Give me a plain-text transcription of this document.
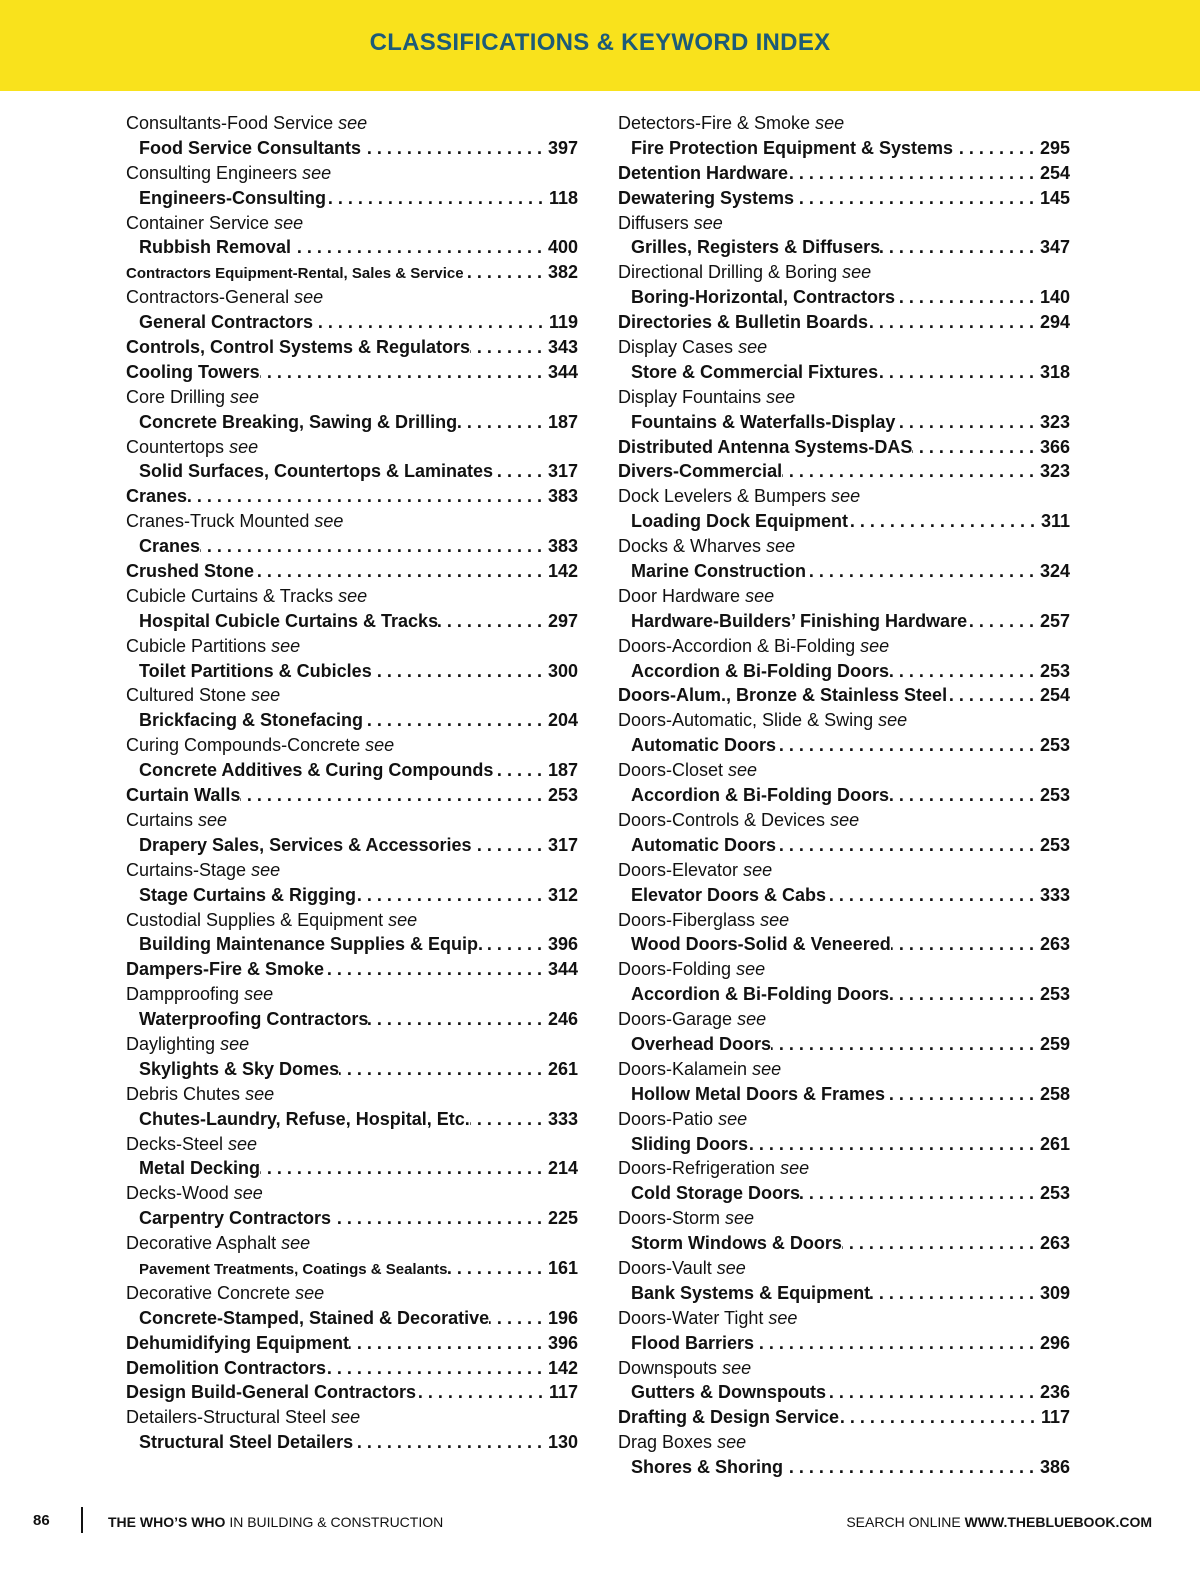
CLASSIFICATIONS & KEYWORD INDEX
Consultants-Food Service see
Food Service Consultants . . .	397
Consulting Engineers see
Engineers-Consulting . . .	118
Container Service see
Rubbish Removal . . .	400
Contractors Equipment-Rental, Sales & Service . . .	382
Contractors-General see
General Contractors . . .	119
Controls, Control Systems & Regulators . . .	343
Cooling Towers . . .	344
Core Drilling see
Concrete Breaking, Sawing & Drilling . . .	187
Countertops see
Solid Surfaces, Countertops & Laminates . . .	317
Cranes . . .	383
Cranes-Truck Mounted see
Cranes . . .	383
Crushed Stone . . .	142
Cubicle Curtains & Tracks see
Hospital Cubicle Curtains & Tracks . . .	297
Cubicle Partitions see
Toilet Partitions & Cubicles . . .	300
Cultured Stone see
Brickfacing & Stonefacing . . .	204
Curing Compounds-Concrete see
Concrete Additives & Curing Compounds . . .	187
Curtain Walls . . .	253
Curtains see
Drapery Sales, Services & Accessories . . .	317
Curtains-Stage see
Stage Curtains & Rigging . . .	312
Custodial Supplies & Equipment see
Building Maintenance Supplies & Equip. . . .	396
Dampers-Fire & Smoke . . .	344
Dampproofing see
Waterproofing Contractors . . .	246
Daylighting see
Skylights & Sky Domes . . .	261
Debris Chutes see
Chutes-Laundry, Refuse, Hospital, Etc. . . .	333
Decks-Steel see
Metal Decking . . .	214
Decks-Wood see
Carpentry Contractors . . .	225
Decorative Asphalt see
Pavement Treatments, Coatings & Sealants . . .	161
Decorative Concrete see
Concrete-Stamped, Stained & Decorative . . .	196
Dehumidifying Equipment . . .	396
Demolition Contractors . . .	142
Design Build-General Contractors . . .	117
Detailers-Structural Steel see
Structural Steel Detailers . . .	130
Detectors-Fire & Smoke see
Fire Protection Equipment & Systems . . .	295
Detention Hardware . . .	254
Dewatering Systems . . .	145
Diffusers see
Grilles, Registers & Diffusers . . .	347
Directional Drilling & Boring see
Boring-Horizontal, Contractors . . .	140
Directories & Bulletin Boards . . .	294
Display Cases see
Store & Commercial Fixtures . . .	318
Display Fountains see
Fountains & Waterfalls-Display . . .	323
Distributed Antenna Systems-DAS . . .	366
Divers-Commercial . . .	323
Dock Levelers & Bumpers see
Loading Dock Equipment . . .	311
Docks & Wharves see
Marine Construction . . .	324
Door Hardware see
Hardware-Builders’ Finishing Hardware . . .	257
Doors-Accordion & Bi-Folding see
Accordion & Bi-Folding Doors . . .	253
Doors-Alum., Bronze & Stainless Steel . . .	254
Doors-Automatic, Slide & Swing see
Automatic Doors . . .	253
Doors-Closet see
Accordion & Bi-Folding Doors . . .	253
Doors-Controls & Devices see
Automatic Doors . . .	253
Doors-Elevator see
Elevator Doors & Cabs . . .	333
Doors-Fiberglass see
Wood Doors-Solid & Veneered . . .	263
Doors-Folding see
Accordion & Bi-Folding Doors . . .	253
Doors-Garage see
Overhead Doors . . .	259
Doors-Kalamein see
Hollow Metal Doors & Frames . . .	258
Doors-Patio see
Sliding Doors . . .	261
Doors-Refrigeration see
Cold Storage Doors . . .	253
Doors-Storm see
Storm Windows & Doors . . .	263
Doors-Vault see
Bank Systems & Equipment . . .	309
Doors-Water Tight see
Flood Barriers . . .	296
Downspouts see
Gutters & Downspouts . . .	236
Drafting & Design Service . . .	117
Drag Boxes see
Shores & Shoring . . .	386
86	THE WHO’S WHO IN BUILDING & CONSTRUCTION	SEARCH ONLINE WWW.THEBLUEBOOK.COM
